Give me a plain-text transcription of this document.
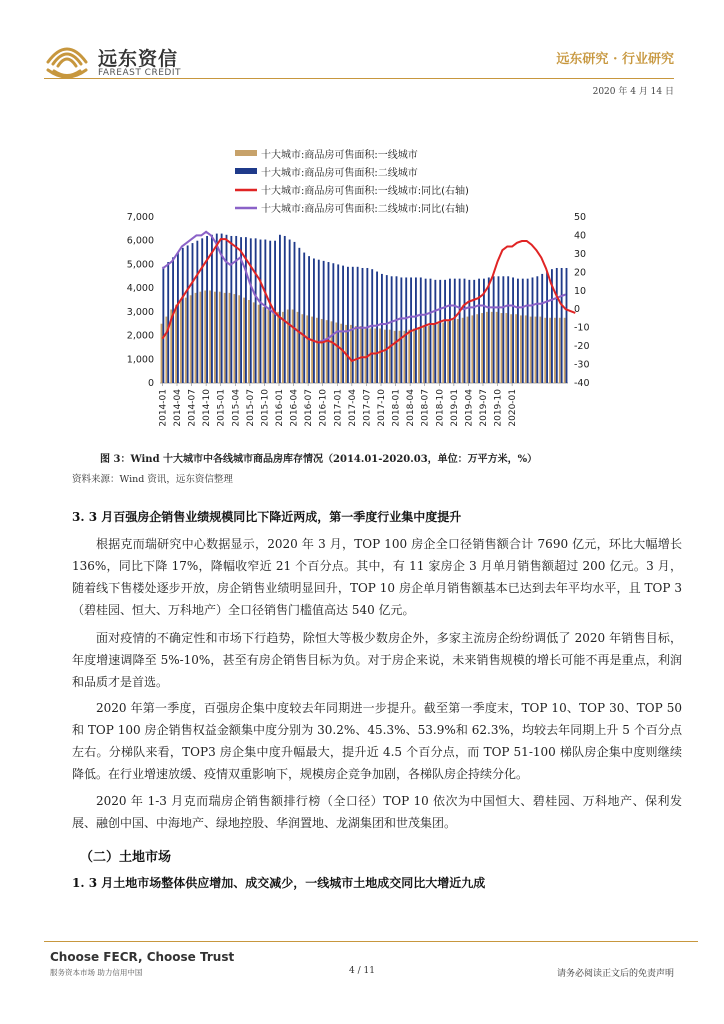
远东资信
FAREAST CREDIT
远东研究 · 行业研究
2020 年 4 月 14 日
十大城市:商品房可售面积:一线城市
十大城市:商品房可售面积:二线城市
十大城市:商品房可售面积:一线城市:同比(右轴)
十大城市:商品房可售面积:二线城市:同比(右轴)
0
1,000
2,000
3,000
4,000
5,000
6,000
7,000
-40
-30
-20
-10
0
10
20
30
40
50
2014-01 2014-04 2014-07 2014-10 2015-01 2015-04 2015-07 2015-10 2016-01 2016-04 2016-07 2016-10 2017-01 2017-04 2017-07 2017-10 2018-01 2018-04 2018-07 2018-10 2019-01 2019-04 2019-07 2019-10 2020-01
图 3：Wind 十大城市中各线城市商品房库存情况（2014.01-2020.03，单位：万平方米，%）
资料来源：Wind 资讯，远东资信整理
3. 3 月百强房企销售业绩规模同比下降近两成，第一季度行业集中度提升
根据克而瑞研究中心数据显示，2020 年 3 月，TOP 100 房企全口径销售额合计 7690 亿元，环比大幅增长 136%，同比下降 17%，降幅收窄近 21 个百分点。其中，有 11 家房企 3 月单月销售额超过 200 亿元。3 月，随着线下售楼处逐步开放，房企销售业绩明显回升，TOP 10 房企单月销售额基本已达到去年平均水平，且 TOP 3（碧桂园、恒大、万科地产）全口径销售门槛值高达 540 亿元。
面对疫情的不确定性和市场下行趋势，除恒大等极少数房企外，多家主流房企纷纷调低了 2020 年销售目标，年度增速调降至 5%-10%，甚至有房企销售目标为负。对于房企来说，未来销售规模的增长可能不再是重点，利润和品质才是首选。
2020 年第一季度，百强房企集中度较去年同期进一步提升。截至第一季度末，TOP 10、TOP 30、TOP 50 和 TOP 100 房企销售权益金额集中度分别为 30.2%、45.3%、53.9%和 62.3%，均较去年同期上升 5 个百分点左右。分梯队来看，TOP3 房企集中度升幅最大，提升近 4.5 个百分点，而 TOP 51-100 梯队房企集中度则继续降低。在行业增速放缓、疫情双重影响下，规模房企竞争加剧，各梯队房企持续分化。
2020 年 1-3 月克而瑞房企销售额排行榜（全口径）TOP 10 依次为中国恒大、碧桂园、万科地产、保利发展、融创中国、中海地产、绿地控股、华润置地、龙湖集团和世茂集团。
（二）土地市场
1. 3 月土地市场整体供应增加、成交减少，一线城市土地成交同比大增近九成
Choose FECR, Choose Trust
服务资本市场 助力信用中国	4 / 11	请务必阅读正文后的免责声明
